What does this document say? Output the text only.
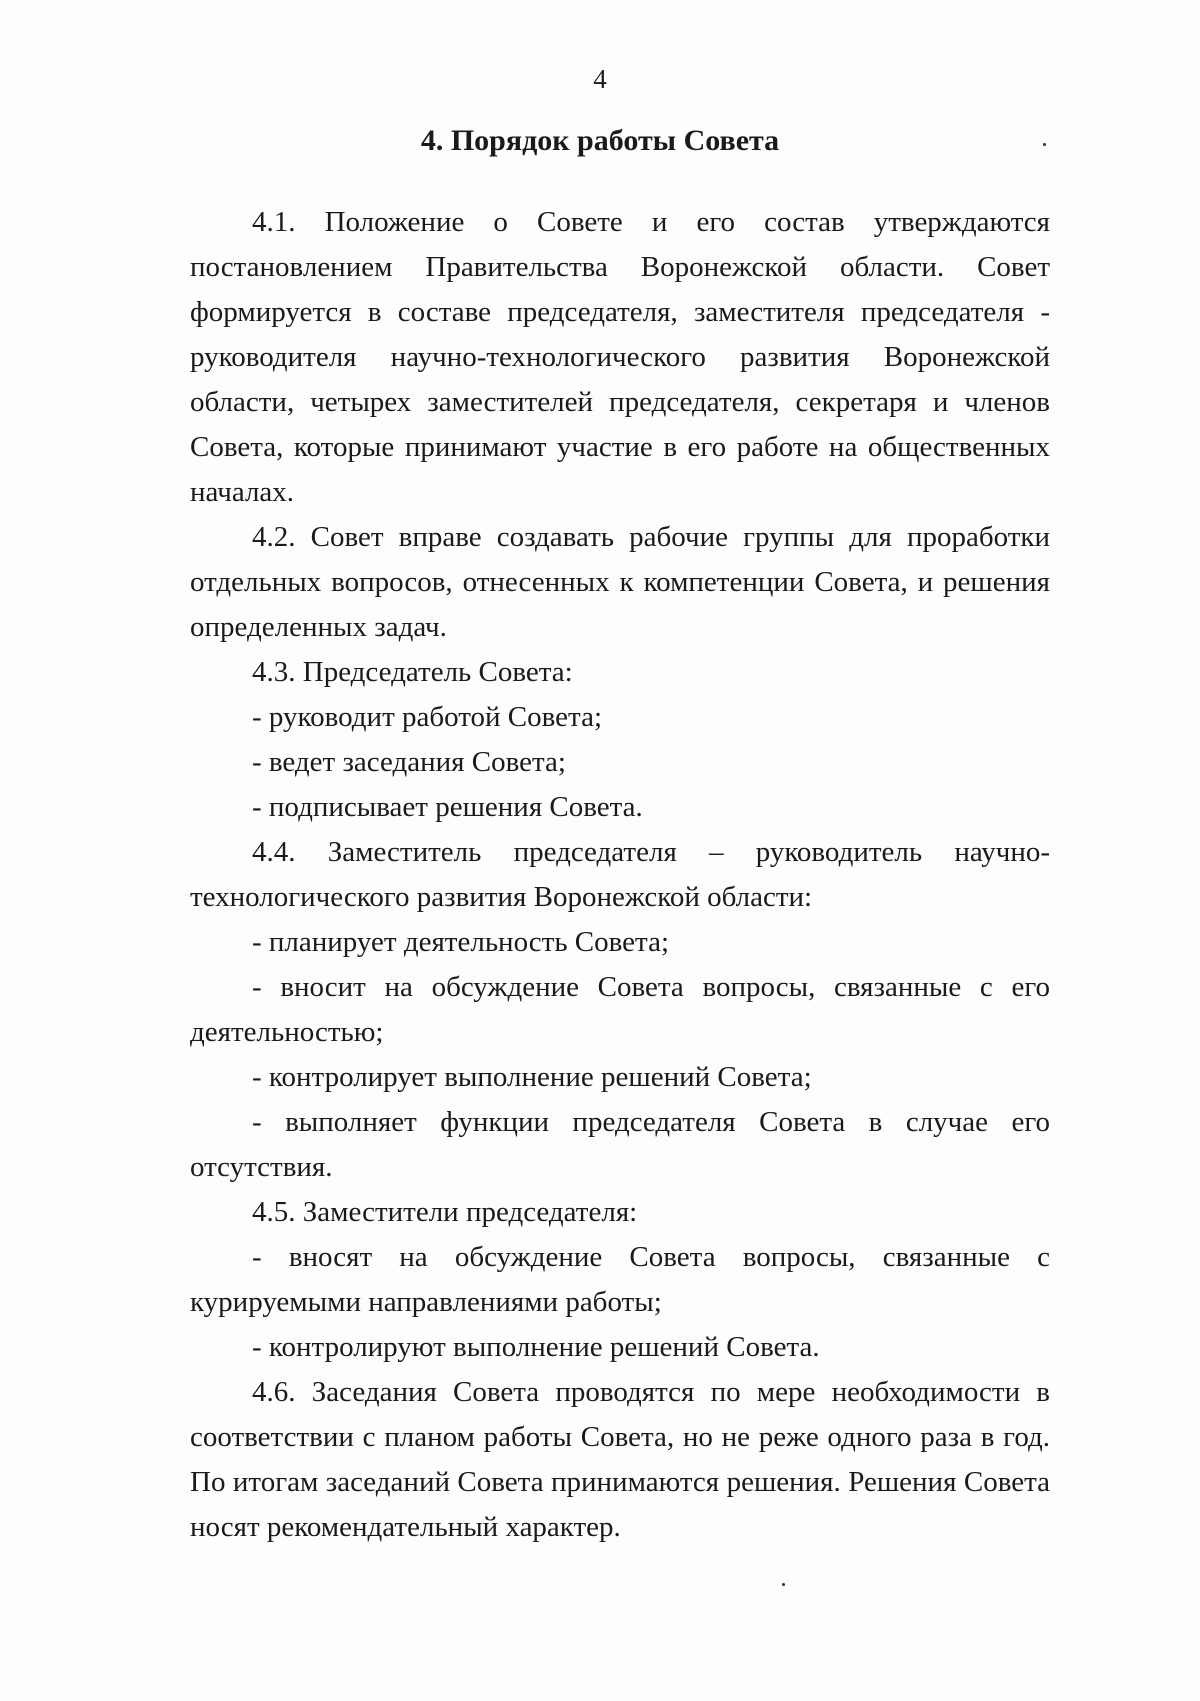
4
4. Порядок работы Совета

4.1. Положение о Совете и его состав утверждаются постановлением Правительства Воронежской области. Совет формируется в составе председателя, заместителя председателя - руководителя научно-технологического развития Воронежской области, четырех заместителей председателя, секретаря и членов Совета, которые принимают участие в его работе на общественных началах.

4.2. Совет вправе создавать рабочие группы для проработки отдельных вопросов, отнесенных к компетенции Совета, и решения определенных задач.

4.3. Председатель Совета:

- руководит работой Совета;

- ведет заседания Совета;

- подписывает решения Совета.

4.4. Заместитель председателя – руководитель научно-технологического развития Воронежской области:

- планирует деятельность Совета;

- вносит на обсуждение Совета вопросы, связанные с его деятельностью;

- контролирует выполнение решений Совета;

- выполняет функции председателя Совета в случае его отсутствия.

4.5. Заместители председателя:

- вносят на обсуждение Совета вопросы, связанные с курируемыми направлениями работы;

- контролируют выполнение решений Совета.

4.6. Заседания Совета проводятся по мере необходимости в соответствии с планом работы Совета, но не реже одного раза в год. По итогам заседаний Совета принимаются решения. Решения Совета носят рекомендательный характер.
